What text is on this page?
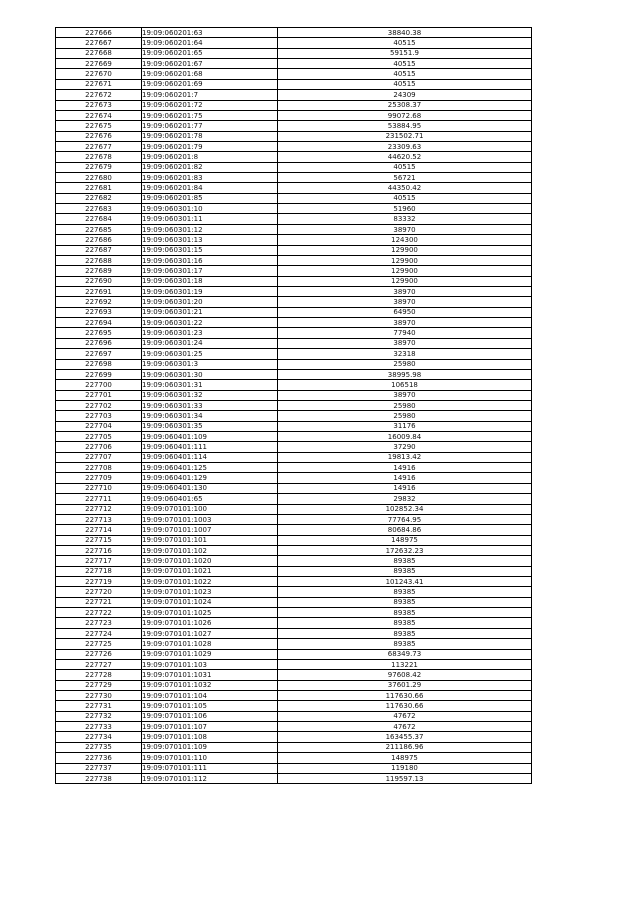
227666	19:09:060201:63	38840.38
227667	19:09:060201:64	40515
227668	19:09:060201:65	59151.9
227669	19:09:060201:67	40515
227670	19:09:060201:68	40515
227671	19:09:060201:69	40515
227672	19:09:060201:7	24309
227673	19:09:060201:72	25308.37
227674	19:09:060201:75	99072.68
227675	19:09:060201:77	53884.95
227676	19:09:060201:78	231502.71
227677	19:09:060201:79	23309.63
227678	19:09:060201:8	44620.52
227679	19:09:060201:82	40515
227680	19:09:060201:83	56721
227681	19:09:060201:84	44350.42
227682	19:09:060201:85	40515
227683	19:09:060301:10	51960
227684	19:09:060301:11	83332
227685	19:09:060301:12	38970
227686	19:09:060301:13	124300
227687	19:09:060301:15	129900
227688	19:09:060301:16	129900
227689	19:09:060301:17	129900
227690	19:09:060301:18	129900
227691	19:09:060301:19	38970
227692	19:09:060301:20	38970
227693	19:09:060301:21	64950
227694	19:09:060301:22	38970
227695	19:09:060301:23	77940
227696	19:09:060301:24	38970
227697	19:09:060301:25	32318
227698	19:09:060301:3	25980
227699	19:09:060301:30	38995.98
227700	19:09:060301:31	106518
227701	19:09:060301:32	38970
227702	19:09:060301:33	25980
227703	19:09:060301:34	25980
227704	19:09:060301:35	31176
227705	19:09:060401:109	16009.84
227706	19:09:060401:111	37290
227707	19:09:060401:114	19813.42
227708	19:09:060401:125	14916
227709	19:09:060401:129	14916
227710	19:09:060401:130	14916
227711	19:09:060401:65	29832
227712	19:09:070101:100	102852.34
227713	19:09:070101:1003	77764.95
227714	19:09:070101:1007	80684.86
227715	19:09:070101:101	148975
227716	19:09:070101:102	172632.23
227717	19:09:070101:1020	89385
227718	19:09:070101:1021	89385
227719	19:09:070101:1022	101243.41
227720	19:09:070101:1023	89385
227721	19:09:070101:1024	89385
227722	19:09:070101:1025	89385
227723	19:09:070101:1026	89385
227724	19:09:070101:1027	89385
227725	19:09:070101:1028	89385
227726	19:09:070101:1029	68349.73
227727	19:09:070101:103	113221
227728	19:09:070101:1031	97608.42
227729	19:09:070101:1032	37601.29
227730	19:09:070101:104	117630.66
227731	19:09:070101:105	117630.66
227732	19:09:070101:106	47672
227733	19:09:070101:107	47672
227734	19:09:070101:108	163455.37
227735	19:09:070101:109	211186.96
227736	19:09:070101:110	148975
227737	19:09:070101:111	119180
227738	19:09:070101:112	119597.13
